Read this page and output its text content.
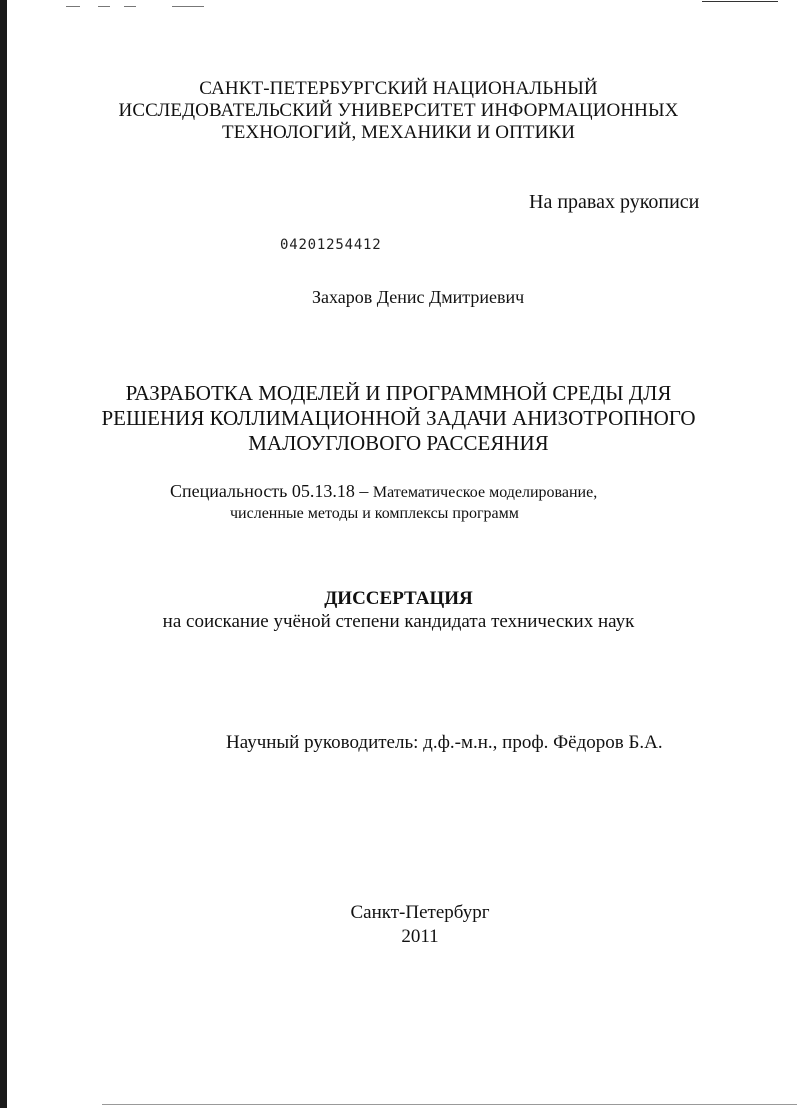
САНКТ-ПЕТЕРБУРГСКИЙ НАЦИОНАЛЬНЫЙ
ИССЛЕДОВАТЕЛЬСКИЙ УНИВЕРСИТЕТ ИНФОРМАЦИОННЫХ
ТЕХНОЛОГИЙ, МЕХАНИКИ И ОПТИКИ
На правах рукописи
04201254412
Захаров Денис Дмитриевич
РАЗРАБОТКА МОДЕЛЕЙ И ПРОГРАММНОЙ СРЕДЫ ДЛЯ
РЕШЕНИЯ КОЛЛИМАЦИОННОЙ ЗАДАЧИ АНИЗОТРОПНОГО
МАЛОУГЛОВОГО РАССЕЯНИЯ
Специальность 05.13.18 – Математическое моделирование,
численные методы и комплексы программ
ДИССЕРТАЦИЯ
на соискание учёной степени кандидата технических наук
Научный руководитель: д.ф.-м.н., проф. Фёдоров Б.А.
Санкт-Петербург
2011
